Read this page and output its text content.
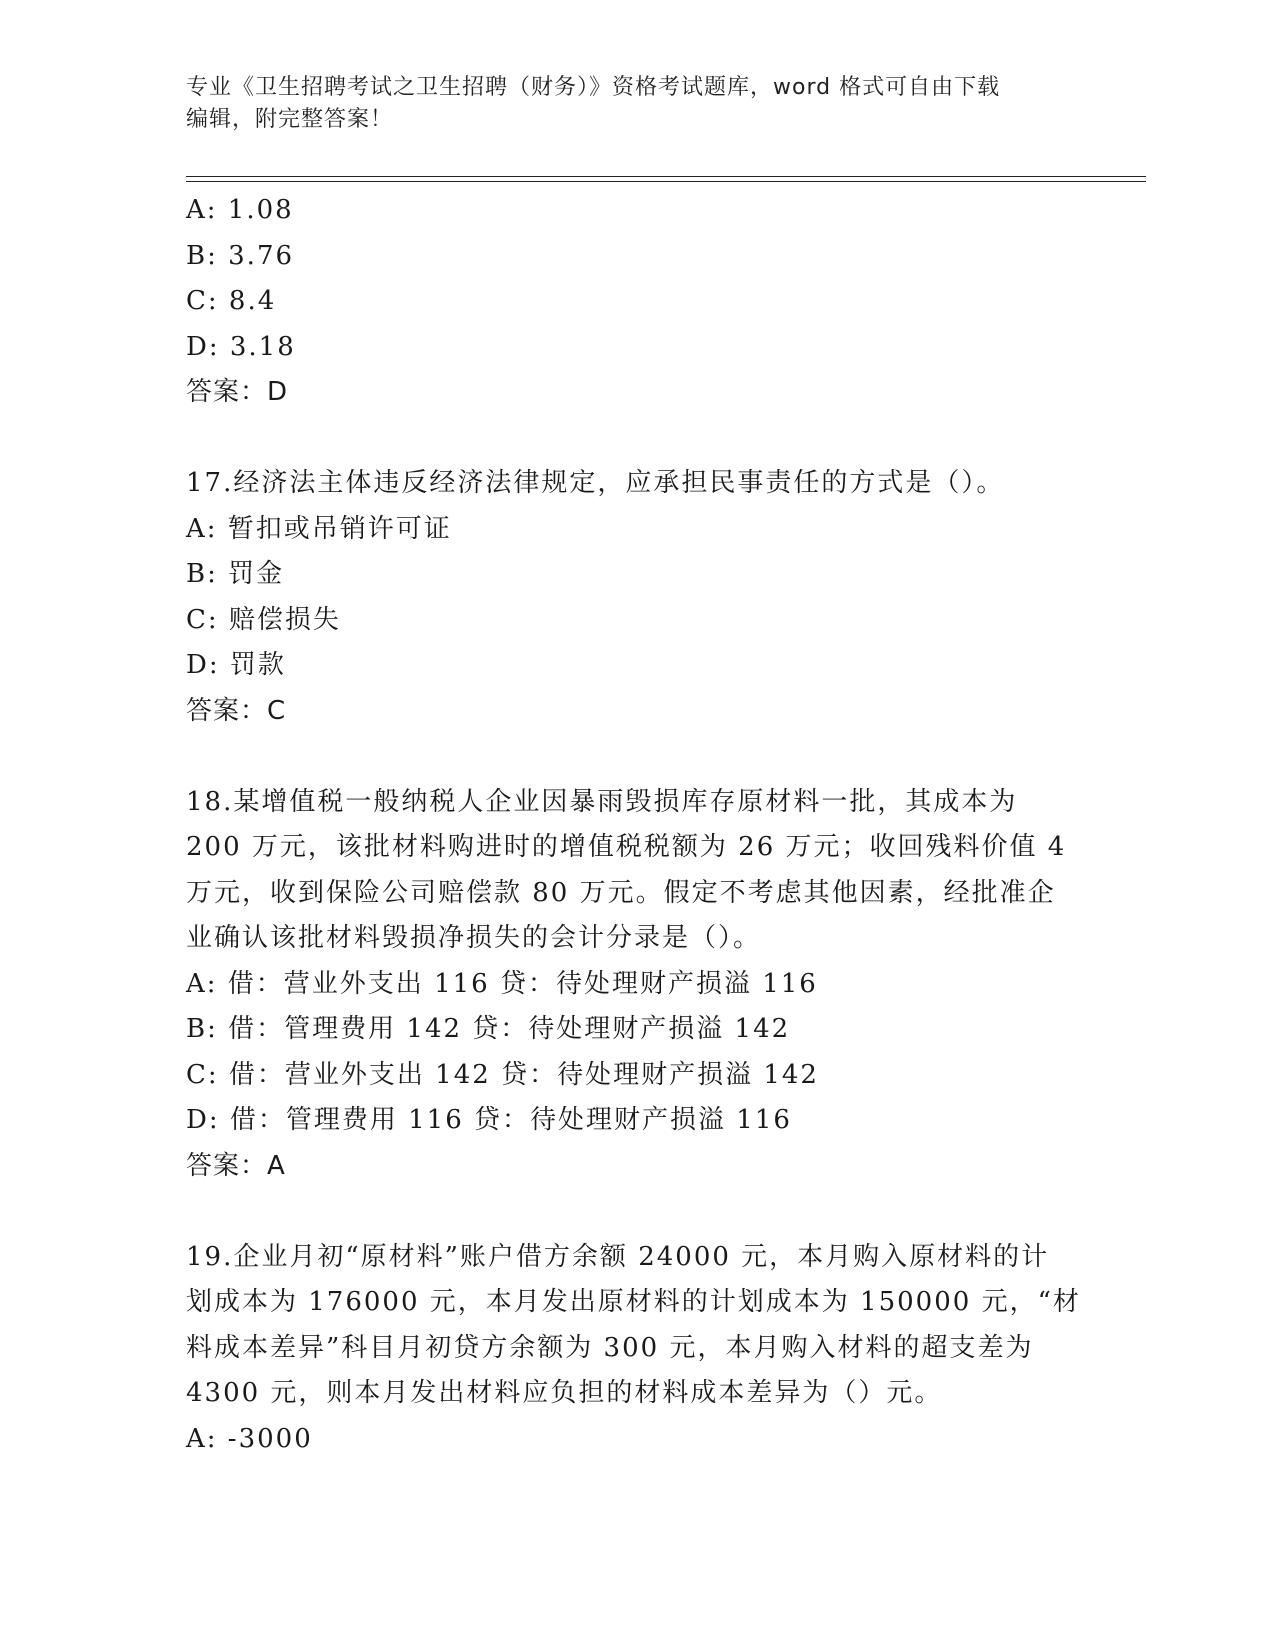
专业《卫生招聘考试之卫生招聘（财务）》资格考试题库，word 格式可自由下载
编辑，附完整答案！

A: 1.08

B: 3.76

C: 8.4

D: 3.18

答案：D

17.经济法主体违反经济法律规定，应承担民事责任的方式是（）。

A: 暂扣或吊销许可证

B: 罚金

C: 赔偿损失

D: 罚款

答案：C

18.某增值税一般纳税人企业因暴雨毁损库存原材料一批，其成本为

200 万元，该批材料购进时的增值税税额为 26 万元；收回残料价值 4

万元，收到保险公司赔偿款 80 万元。假定不考虑其他因素，经批准企

业确认该批材料毁损净损失的会计分录是（）。

A: 借：营业外支出 116 贷：待处理财产损溢 116

B: 借：管理费用 142 贷：待处理财产损溢 142

C: 借：营业外支出 142 贷：待处理财产损溢 142

D: 借：管理费用 116 贷：待处理财产损溢 116

答案：A

19.企业月初“原材料”账户借方余额 24000 元，本月购入原材料的计

划成本为 176000 元，本月发出原材料的计划成本为 150000 元，“材

料成本差异”科目月初贷方余额为 300 元，本月购入材料的超支差为

4300 元，则本月发出材料应负担的材料成本差异为（）元。

A: -3000
